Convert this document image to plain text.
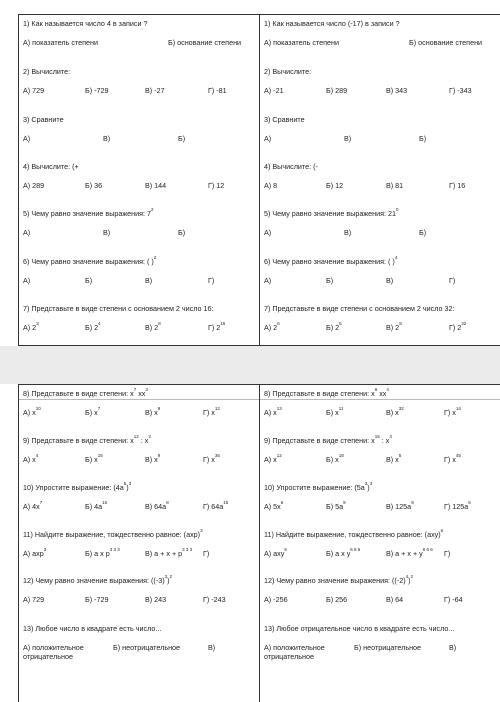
1) Как называется число 4 в записи ?
А) показатель степени	Б) основание степени
2) Вычислите:
А) 729	Б) -729	В) -27	Г) -81
3) Сравните
А)	В)	Б)
4) Вычислите: (+
А) 289	Б) 36	В) 144	Г) 12
5) Чему равно значение выражения: $7^2$
А)	В)	Б)
6) Чему равно значение выражения: ( )$^2$
А)	Б)	В)	Г)
7) Представьте в виде степени с основанием 2 число 16:
А) $2^3$	Б) $2^4$	В) $2^8$	Г) $2^{16}$
1) Как называется число (-17) в записи ?
А) показатель степени	Б) основание степени
2) Вычислите:
А) -21	Б) 289	В) 343	Г) -343
3) Сравните
А)	В)	Б)
4) Вычислите: (-
А) 8	Б) 12	В) 81	Г) 16
5) Чему равно значение выражения: $21^0$
А)	В)	Б)
6) Чему равно значение выражения: ( )$^4$
А)	Б)	В)	Г)
7) Представьте в виде степени с основанием 2 число 32:
А) $2^6$	Б) $2^5$	В) $2^8$	Г) $2^{32}$
8) Представьте в виде степени: $x^7$ $xx^3$
А) $x^{10}$	Б) $x^7$	В) $x^9$	Г) $x^{12}$
9) Представьте в виде степени: $x^{12}$ : $x^3$
А) $x^4$	Б) $x^{15}$	В) $x^9$	Г) $x^{36}$
10) Упростите выражение: $(4a^5)^3$
А) $4x^7$	Б) $4a^{15}$	В) $64a^8$	Г) $64a^{15}$
11) Найдите выражение, тождественно равное: (axp)$^3$
А) axp$^3$	Б) a x $p^{3 3 3}$	В) $a + x + p^{3 3 3}$ Г)
12) Чему равно значение выражения: $((-3)^3)^2$
А) 729	Б) -729	В) 243	Г) -243
13) Любое число в квадрате есть число...
А) положительное	Б) неотрицательное	В)
отрицательное
8) Представьте в виде степени: $x^8$ $xx^4$
А) $x^{13}$	Б) $x^{11}$	В) $x^{32}$	Г) $x^{14}$
9) Представьте в виде степени: $x^{15}$ : $x^3$
А) $x^{12}$	Б) $x^{18}$	В) $x^5$	Г) $x^{45}$
10) Упростите выражение: $(5a^3)^3$
А) $5x^6$	Б) $5a^9$	В) $125a^9$	Г) $125a^6$
11) Найдите выражение, тождественно равное: (axy)$^6$
А) axy$^6$	Б) a x $y^{6 6 6}$	В) $a + x + y^{6 6 6}$ Г)
12) Чему равно значение выражения: $((-2)^4)^2$
А) -256	Б) 256	В) 64	Г) -64
13) Любое отрицательное число в квадрате есть число...
А) положительное	Б) неотрицательное	В)
отрицательное
